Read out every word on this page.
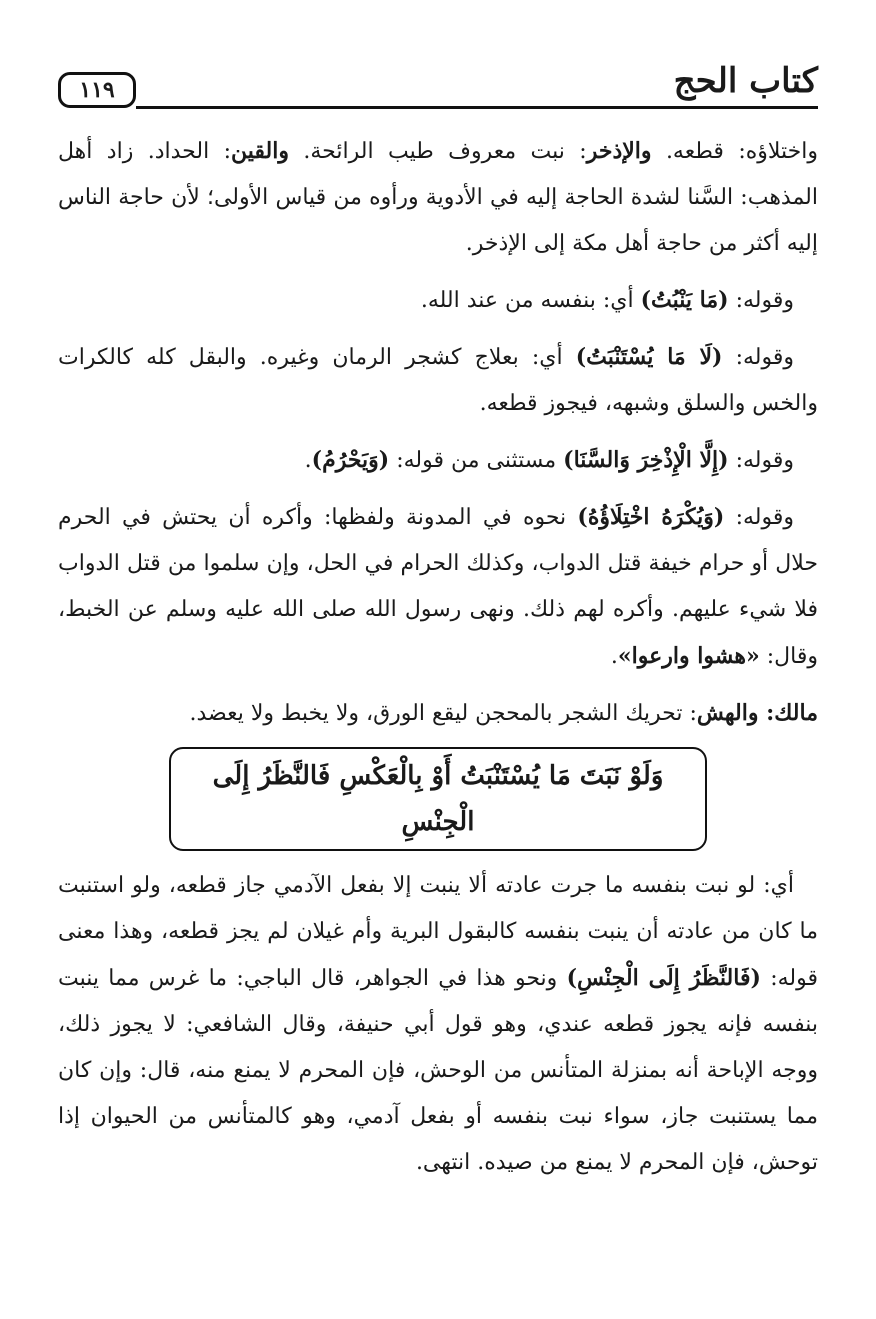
كتاب الحج
١١٩

واختلاؤه: قطعه. والإذخر: نبت معروف طيب الرائحة. والقين: الحداد. زاد أهل المذهب: السَّنا لشدة الحاجة إليه في الأدوية ورأوه من قياس الأولى؛ لأن حاجة الناس إليه أكثر من حاجة أهل مكة إلى الإذخر.

وقوله: (مَا يَنْبُتُ) أي: بنفسه من عند الله.

وقوله: (لَا مَا يُسْتَنْبَتُ) أي: بعلاج كشجر الرمان وغيره. والبقل كله كالكرات والخس والسلق وشبهه، فيجوز قطعه.

وقوله: (إِلَّا الْإِذْخِرَ وَالسَّنَا) مستثنى من قوله: (وَيَحْرُمُ).

وقوله: (وَيُكْرَهُ اخْتِلَاؤُهُ) نحوه في المدونة ولفظها: وأكره أن يحتش في الحرم حلال أو حرام خيفة قتل الدواب، وكذلك الحرام في الحل، وإن سلموا من قتل الدواب فلا شيء عليهم. وأكره لهم ذلك. ونهى رسول الله صلى الله عليه وسلم عن الخبط، وقال: «هشوا وارعوا».

مالك: والهش: تحريك الشجر بالمحجن ليقع الورق، ولا يخبط ولا يعضد.

وَلَوْ نَبَتَ مَا يُسْتَنْبَتُ أَوْ بِالْعَكْسِ فَالنَّظَرُ إِلَى الْجِنْسِ

أي: لو نبت بنفسه ما جرت عادته ألا ينبت إلا بفعل الآدمي جاز قطعه، ولو استنبت ما كان من عادته أن ينبت بنفسه كالبقول البرية وأم غيلان لم يجز قطعه، وهذا معنى قوله: (فَالنَّظَرُ إِلَى الْجِنْسِ) ونحو هذا في الجواهر، قال الباجي: ما غرس مما ينبت بنفسه فإنه يجوز قطعه عندي، وهو قول أبي حنيفة، وقال الشافعي: لا يجوز ذلك، ووجه الإباحة أنه بمنزلة المتأنس من الوحش، فإن المحرم لا يمنع منه، قال: وإن كان مما يستنبت جاز، سواء نبت بنفسه أو بفعل آدمي، وهو كالمتأنس من الحيوان إذا توحش، فإن المحرم لا يمنع من صيده. انتهى.
